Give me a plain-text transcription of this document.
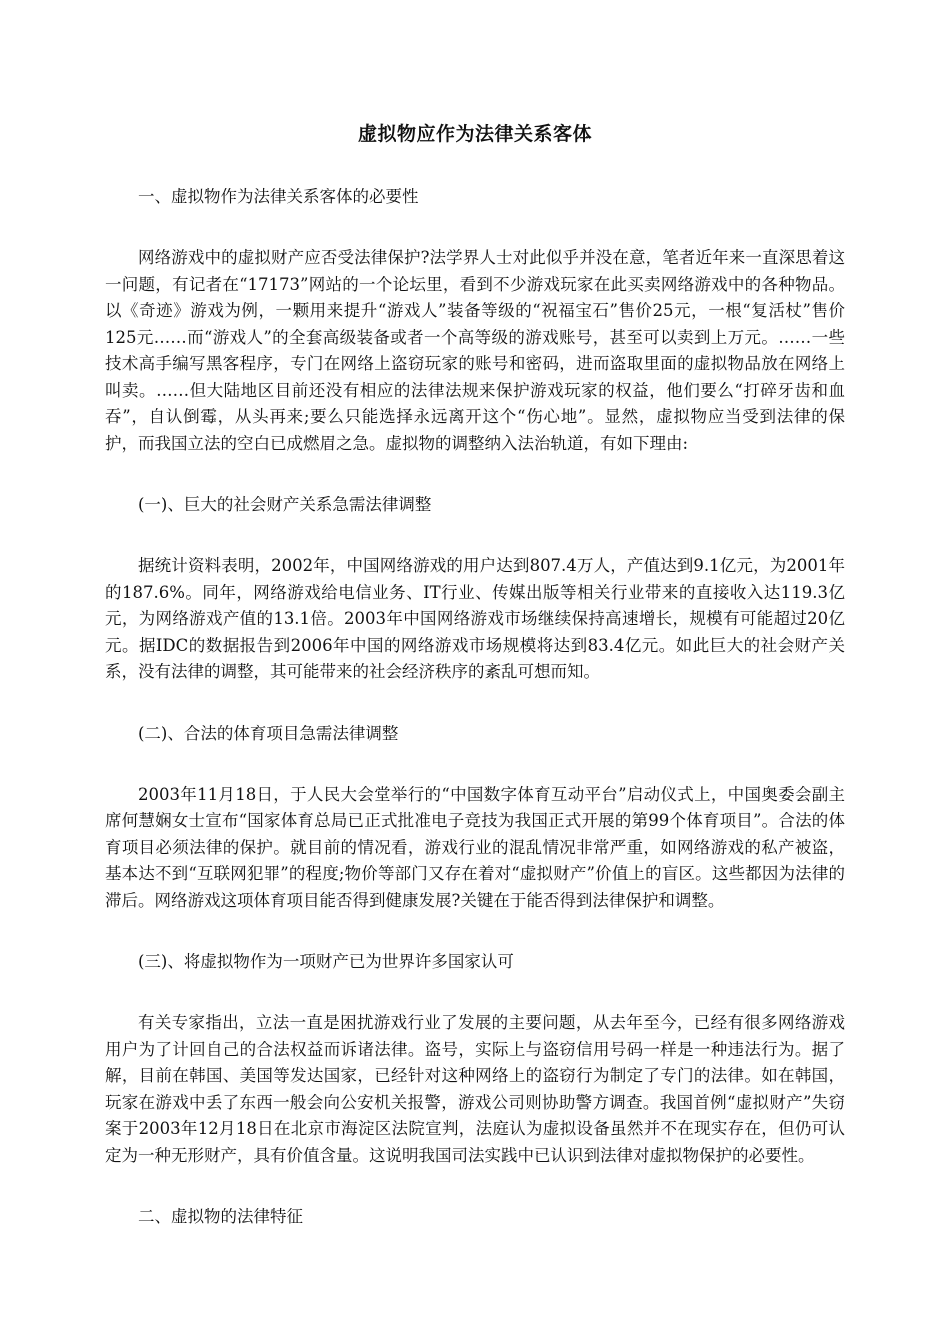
虚拟物应作为法律关系客体

一、虚拟物作为法律关系客体的必要性

网络游戏中的虚拟财产应否受法律保护?法学界人士对此似乎并没在意，笔者近年来一直深思着这一问题，有记者在“17173”网站的一个论坛里，看到不少游戏玩家在此买卖网络游戏中的各种物品。以《奇迹》游戏为例，一颗用来提升“游戏人”装备等级的“祝福宝石”售价25元，一根“复活杖”售价125元……而“游戏人”的全套高级装备或者一个高等级的游戏账号，甚至可以卖到上万元。……一些技术高手编写黑客程序，专门在网络上盗窃玩家的账号和密码，进而盗取里面的虚拟物品放在网络上叫卖。……但大陆地区目前还没有相应的法律法规来保护游戏玩家的权益，他们要么“打碎牙齿和血吞”，自认倒霉，从头再来;要么只能选择永远离开这个“伤心地”。显然，虚拟物应当受到法律的保护，而我国立法的空白已成燃眉之急。虚拟物的调整纳入法治轨道，有如下理由:

(一)、巨大的社会财产关系急需法律调整

据统计资料表明，2002年，中国网络游戏的用户达到807.4万人，产值达到9.1亿元，为2001年的187.6%。同年，网络游戏给电信业务、IT行业、传媒出版等相关行业带来的直接收入达119.3亿元，为网络游戏产值的13.1倍。2003年中国网络游戏市场继续保持高速增长，规模有可能超过20亿元。据IDC的数据报告到2006年中国的网络游戏市场规模将达到83.4亿元。如此巨大的社会财产关系，没有法律的调整，其可能带来的社会经济秩序的紊乱可想而知。

(二)、合法的体育项目急需法律调整

2003年11月18日，于人民大会堂举行的“中国数字体育互动平台”启动仪式上，中国奥委会副主席何慧娴女士宣布“国家体育总局已正式批准电子竞技为我国正式开展的第99个体育项目”。合法的体育项目必须法律的保护。就目前的情况看，游戏行业的混乱情况非常严重，如网络游戏的私产被盗，基本达不到“互联网犯罪”的程度;物价等部门又存在着对“虚拟财产”价值上的盲区。这些都因为法律的滞后。网络游戏这项体育项目能否得到健康发展?关键在于能否得到法律保护和调整。

(三)、将虚拟物作为一项财产已为世界许多国家认可

有关专家指出，立法一直是困扰游戏行业了发展的主要问题，从去年至今，已经有很多网络游戏用户为了计回自己的合法权益而诉诸法律。盗号，实际上与盗窃信用号码一样是一种违法行为。据了解，目前在韩国、美国等发达国家，已经针对这种网络上的盗窃行为制定了专门的法律。如在韩国，玩家在游戏中丢了东西一般会向公安机关报警，游戏公司则协助警方调查。我国首例“虚拟财产”失窃案于2003年12月18日在北京市海淀区法院宣判，法庭认为虚拟设备虽然并不在现实存在，但仍可认定为一种无形财产，具有价值含量。这说明我国司法实践中已认识到法律对虚拟物保护的必要性。

二、虚拟物的法律特征
